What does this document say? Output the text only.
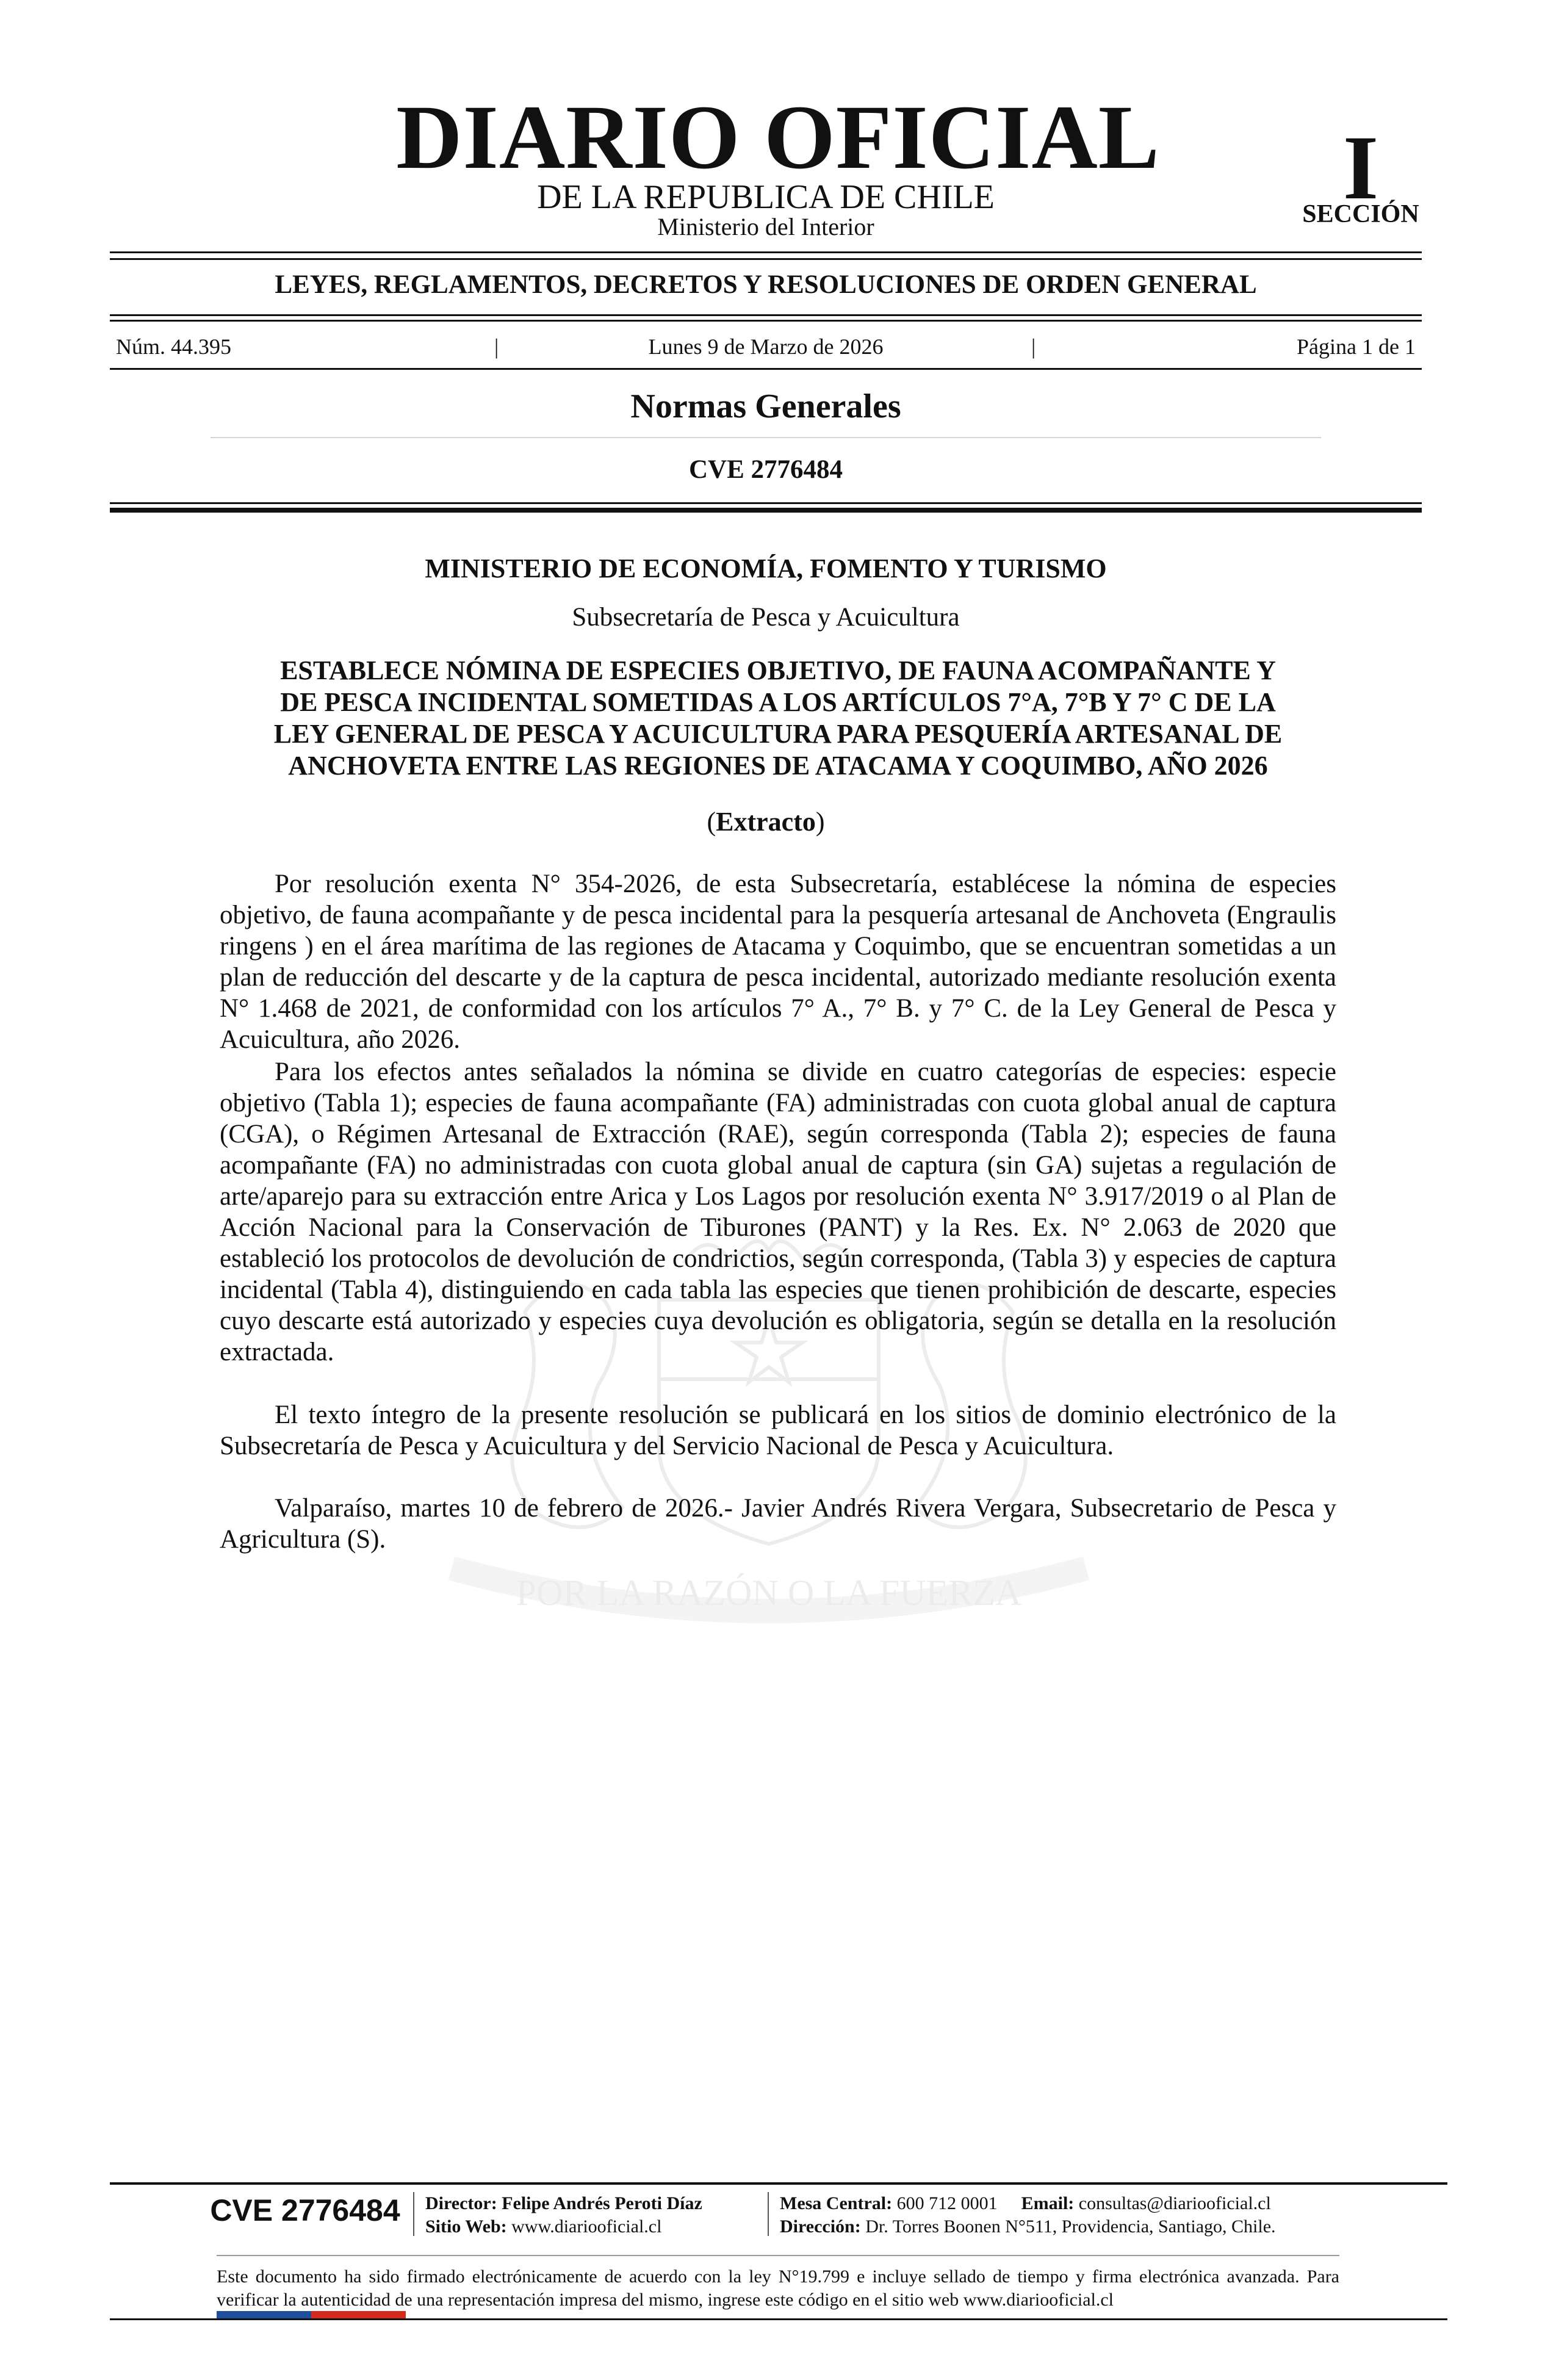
POR LA RAZÓN O LA FUERZA
DIARIO OFICIAL
DE LA REPUBLICA DE CHILE
Ministerio del Interior
I
SECCIÓN
LEYES, REGLAMENTOS, DECRETOS Y RESOLUCIONES DE ORDEN GENERAL
Núm. 44.395	|	Lunes 9 de Marzo de 2026	|	Página 1 de 1
Normas Generales
CVE 2776484
MINISTERIO DE ECONOMÍA, FOMENTO Y TURISMO
Subsecretaría de Pesca y Acuicultura
ESTABLECE NÓMINA DE ESPECIES OBJETIVO, DE FAUNA ACOMPAÑANTE Y
DE PESCA INCIDENTAL SOMETIDAS A LOS ARTÍCULOS 7°A, 7°B Y 7° C DE LA
LEY GENERAL DE PESCA Y ACUICULTURA PARA PESQUERÍA ARTESANAL DE
ANCHOVETA ENTRE LAS REGIONES DE ATACAMA Y COQUIMBO, AÑO 2026
(Extracto)

Por resolución exenta N° 354-2026, de esta Subsecretaría, establécese la nómina de especies objetivo, de fauna acompañante y de pesca incidental para la pesquería artesanal de Anchoveta (Engraulis ringens ) en el área marítima de las regiones de Atacama y Coquimbo, que se encuentran sometidas a un plan de reducción del descarte y de la captura de pesca incidental, autorizado mediante resolución exenta N° 1.468 de 2021, de conformidad con los artículos 7° A., 7° B. y 7° C. de la Ley General de Pesca y Acuicultura, año 2026.

Para los efectos antes señalados la nómina se divide en cuatro categorías de especies: especie objetivo (Tabla 1); especies de fauna acompañante (FA) administradas con cuota global anual de captura (CGA), o Régimen Artesanal de Extracción (RAE), según corresponda (Tabla 2); especies de fauna acompañante (FA) no administradas con cuota global anual de captura (sin GA) sujetas a regulación de arte/aparejo para su extracción entre Arica y Los Lagos por resolución exenta N° 3.917/2019 o al Plan de Acción Nacional para la Conservación de Tiburones (PANT) y la Res. Ex. N° 2.063 de 2020 que estableció los protocolos de devolución de condrictios, según corresponda, (Tabla 3) y especies de captura incidental (Tabla 4), distinguiendo en cada tabla las especies que tienen prohibición de descarte, especies cuyo descarte está autorizado y especies cuya devolución es obligatoria, según se detalla en la resolución extractada.

El texto íntegro de la presente resolución se publicará en los sitios de dominio electrónico de la Subsecretaría de Pesca y Acuicultura y del Servicio Nacional de Pesca y Acuicultura.

Valparaíso, martes 10 de febrero de 2026.- Javier Andrés Rivera Vergara, Subsecretario de Pesca y Agricultura (S).

CVE 2776484	Director: Felipe Andrés Peroti Díaz
Sitio Web: www.diariooficial.cl
Mesa Central: 600 712 0001 Email: consultas@diariooficial.cl
Dirección: Dr. Torres Boonen N°511, Providencia, Santiago, Chile.
Este documento ha sido firmado electrónicamente de acuerdo con la ley N°19.799 e incluye sellado de tiempo y firma electrónica avanzada. Para verificar la autenticidad de una representación impresa del mismo, ingrese este código en el sitio web www.diariooficial.cl
